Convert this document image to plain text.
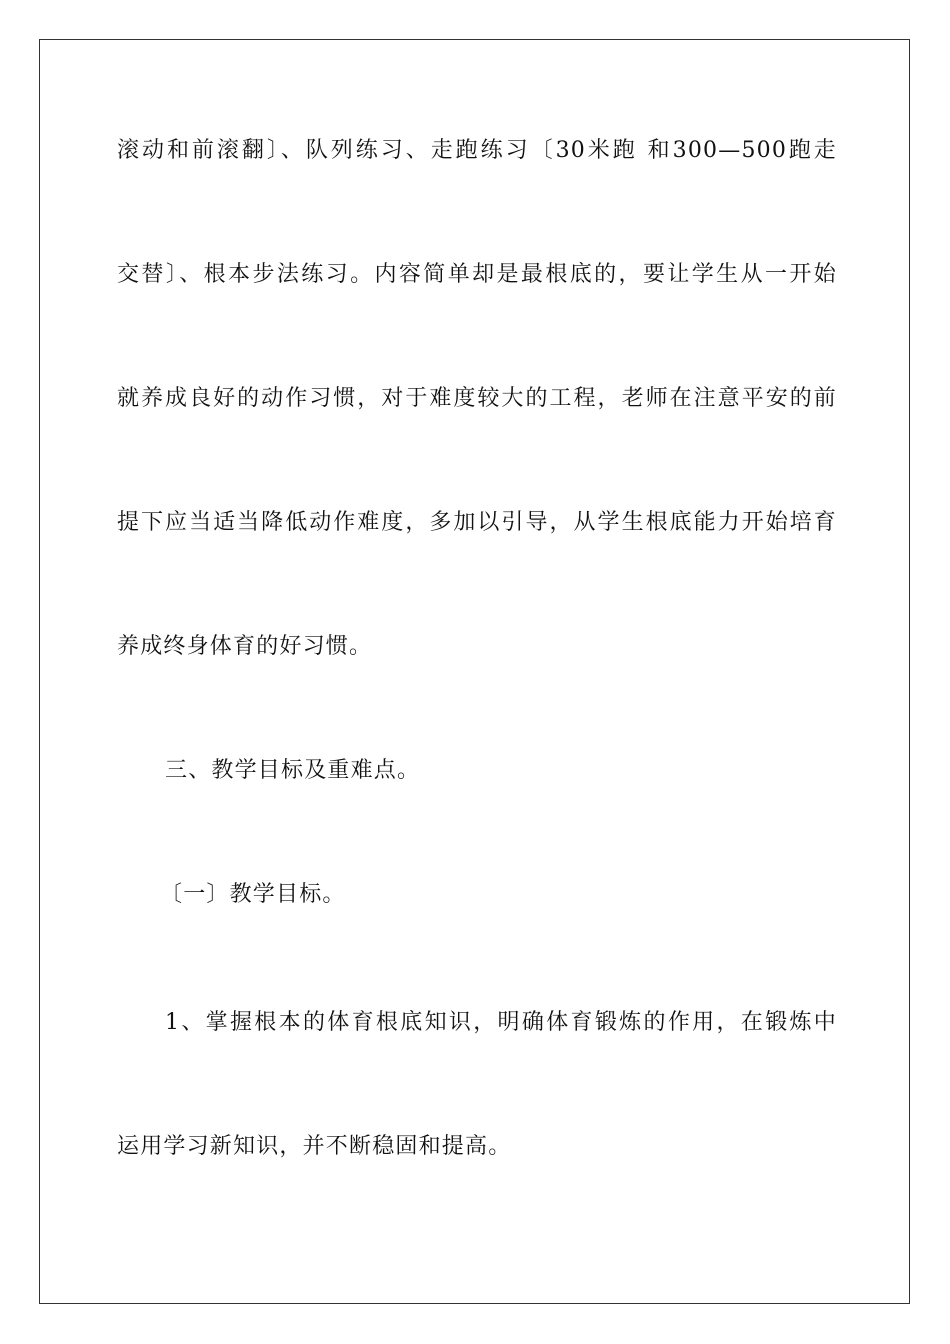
滚动和前滚翻〕、队列练习、走跑练习〔30米跑 和300—500跑走
交替〕、根本步法练习。内容简单却是最根底的，要让学生从一开始
就养成良好的动作习惯，对于难度较大的工程，老师在注意平安的前
提下应当适当降低动作难度，多加以引导，从学生根底能力开始培育
养成终身体育的好习惯。
三、教学目标及重难点。
〔一〕教学目标。
1、掌握根本的体育根底知识，明确体育锻炼的作用，在锻炼中
运用学习新知识，并不断稳固和提高。
